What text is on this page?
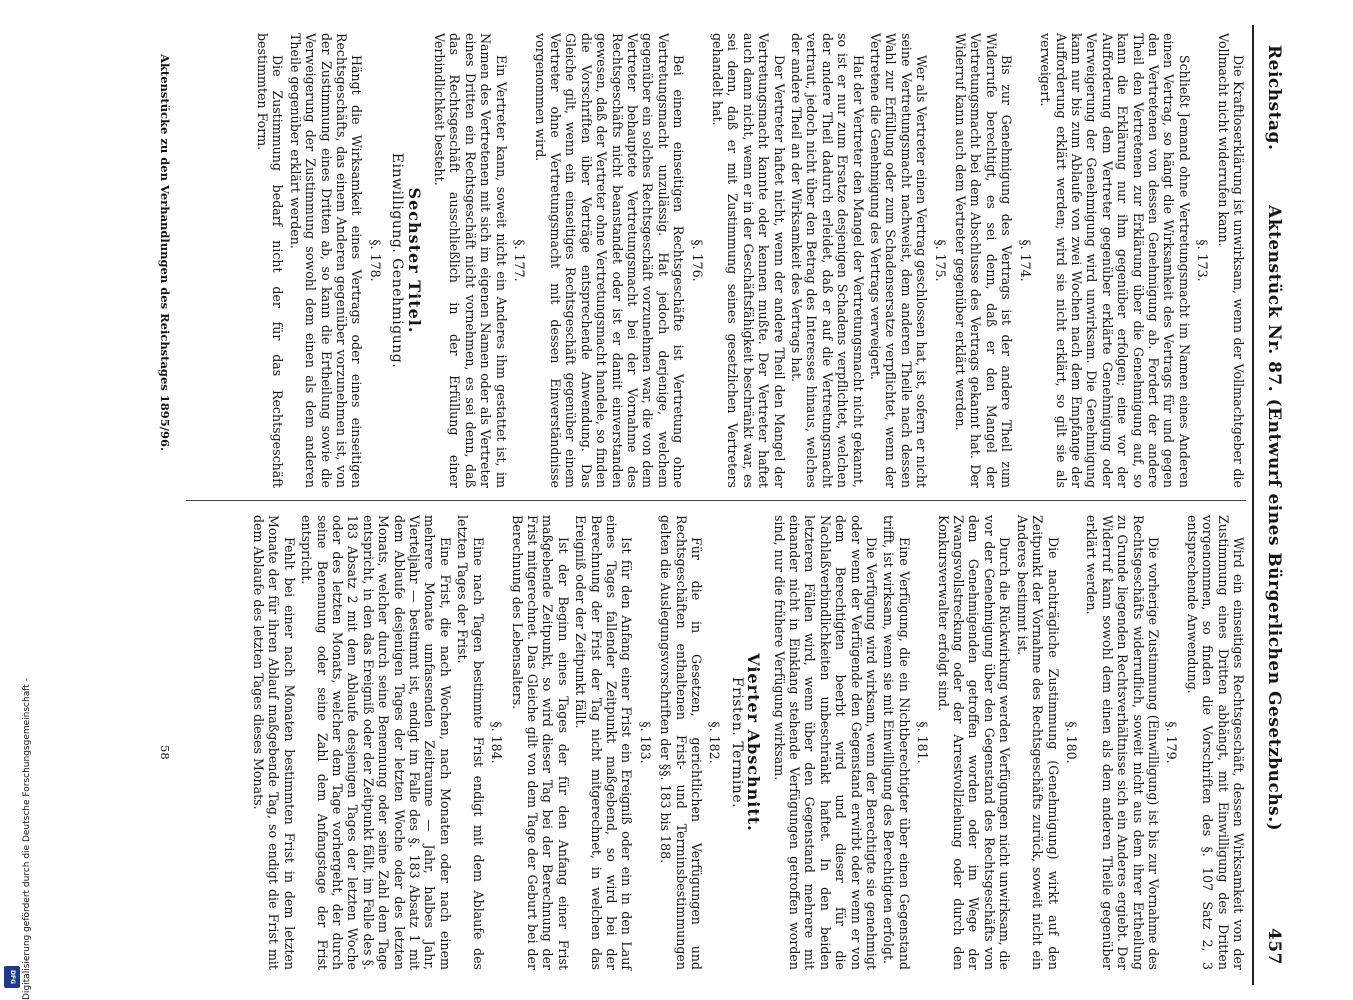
Digitalisierung gefördert durch die Deutsche Forschungsgemeinschaft -
DFG
Reichstag.
Aktenstück Nr. 87. (Entwurf eines Bürgerlichen Gesetzbuchs.)
457
Die Kraftloserklärung ist unwirksam, wenn der Vollmachtgeber die Vollmacht nicht widerrufen kann.
§. 173.
Schließt Jemand ohne Vertretungsmacht im Namen eines Anderen einen Vertrag, so hängt die Wirksamkeit des Vertrags für und gegen den Vertretenen von dessen Genehmigung ab. Fordert der andere Theil den Vertretenen zur Erklärung über die Genehmigung auf, so kann die Erklärung nur ihm gegenüber erfolgen; eine vor der Aufforderung dem Vertreter gegenüber erklärte Genehmigung oder Verweigerung der Genehmigung wird unwirksam. Die Genehmigung kann nur bis zum Ablaufe von zwei Wochen nach dem Empfange der Aufforderung erklärt werden; wird sie nicht erklärt, so gilt sie als verweigert.
§. 174.
Bis zur Genehmigung des Vertrags ist der andere Theil zum Widerrufe berechtigt, es sei denn, daß er den Mangel der Vertretungsmacht bei dem Abschlusse des Vertrags gekannt hat. Der Widerruf kann auch dem Vertreter gegenüber erklärt werden.
§. 175.
Wer als Vertreter einen Vertrag geschlossen hat, ist, sofern er nicht seine Vertretungsmacht nachweist, dem anderen Theile nach dessen Wahl zur Erfüllung oder zum Schadensersatze verpflichtet, wenn der Vertretene die Genehmigung des Vertrags verweigert.
Hat der Vertreter den Mangel der Vertretungsmacht nicht gekannt, so ist er nur zum Ersatze desjenigen Schadens verpflichtet, welchen der andere Theil dadurch erleidet, daß er auf die Vertretungsmacht vertraut, jedoch nicht über den Betrag des Interesses hinaus, welches der andere Theil an der Wirksamkeit des Vertrags hat.
Der Vertreter haftet nicht, wenn der andere Theil den Mangel der Vertretungsmacht kannte oder kennen mußte. Der Vertreter haftet auch dann nicht, wenn er in der Geschäftsfähigkeit beschränkt war, es sei denn, daß er mit Zustimmung seines gesetzlichen Vertreters gehandelt hat.
§. 176.
Bei einem einseitigen Rechtsgeschäfte ist Vertretung ohne Vertretungsmacht unzulässig. Hat jedoch derjenige, welchem gegenüber ein solches Rechtsgeschäft vorzunehmen war, die von dem Vertreter behauptete Vertretungsmacht bei der Vornahme des Rechtsgeschäfts nicht beanstandet oder ist er damit einverstanden gewesen, daß der Vertreter ohne Vertretungsmacht handele, so finden die Vorschriften über Verträge entsprechende Anwendung. Das Gleiche gilt, wenn ein einseitiges Rechtsgeschäft gegenüber einem Vertreter ohne Vertretungsmacht mit dessen Einverständnisse vorgenommen wird.
§. 177.
Ein Vertreter kann, soweit nicht ein Anderes ihm gestattet ist, im Namen des Vertretenen mit sich im eigenen Namen oder als Vertreter eines Dritten ein Rechtsgeschäft nicht vornehmen, es sei denn, daß das Rechtsgeschäft ausschließlich in der Erfüllung einer Verbindlichkeit besteht.
Sechster Titel.
Einwilligung. Genehmigung.
§. 178.
Hängt die Wirksamkeit eines Vertrags oder eines einseitigen Rechtsgeschäfts, das einem Anderen gegenüber vorzunehmen ist, von der Zustimmung eines Dritten ab, so kann die Ertheilung sowie die Verweigerung der Zustimmung sowohl dem einen als dem anderen Theile gegenüber erklärt werden.
Die Zustimmung bedarf nicht der für das Rechtsgeschäft bestimmten Form.
Wird ein einseitiges Rechtsgeschäft, dessen Wirksamkeit von der Zustimmung eines Dritten abhängt, mit Einwilligung des Dritten vorgenommen, so finden die Vorschriften des §. 107 Satz 2, 3 entsprechende Anwendung.
§. 179.
Die vorherige Zustimmung (Einwilligung) ist bis zur Vornahme des Rechtsgeschäfts widerruflich, soweit nicht aus dem ihrer Ertheilung zu Grunde liegenden Rechtsverhältnisse sich ein Anderes ergiebt. Der Widerruf kann sowohl dem einen als dem anderen Theile gegenüber erklärt werden.
§. 180.
Die nachträgliche Zustimmung (Genehmigung) wirkt auf den Zeitpunkt der Vornahme des Rechtsgeschäfts zurück, soweit nicht ein Anderes bestimmt ist.
Durch die Rückwirkung werden Verfügungen nicht unwirksam, die vor der Genehmigung über den Gegenstand des Rechtsgeschäfts von dem Genehmigenden getroffen worden oder im Wege der Zwangsvollstreckung oder der Arrestvollziehung oder durch den Konkursverwalter erfolgt sind.
§. 181.
Eine Verfügung, die ein Nichtberechtigter über einen Gegenstand trifft, ist wirksam, wenn sie mit Einwilligung des Berechtigten erfolgt.
Die Verfügung wird wirksam, wenn der Berechtigte sie genehmigt oder wenn der Verfügende den Gegenstand erwirbt oder wenn er von dem Berechtigten beerbt wird und dieser für die Nachlaßverbindlichkeiten unbeschränkt haftet. In den beiden letzteren Fällen wird, wenn über den Gegenstand mehrere mit einander nicht in Einklang stehende Verfügungen getroffen worden sind, nur die frühere Verfügung wirksam.
Vierter Abschnitt.
Fristen. Termine.
§. 182.
Für die in Gesetzen, gerichtlichen Verfügungen und Rechtsgeschäften enthaltenen Frist- und Terminsbestimmungen gelten die Auslegungsvorschriften der §§. 183 bis 188.
§. 183.
Ist für den Anfang einer Frist ein Ereigniß oder ein in den Lauf eines Tages fallender Zeitpunkt maßgebend, so wird bei der Berechnung der Frist der Tag nicht mitgerechnet, in welchen das Ereigniß oder der Zeitpunkt fällt.
Ist der Beginn eines Tages der für den Anfang einer Frist maßgebende Zeitpunkt, so wird dieser Tag bei der Berechnung der Frist mitgerechnet. Das Gleiche gilt von dem Tage der Geburt bei der Berechnung des Lebensalters.
§. 184.
Eine nach Tagen bestimmte Frist endigt mit dem Ablaufe des letzten Tages der Frist.
Eine Frist, die nach Wochen, nach Monaten oder nach einem mehrere Monate umfassenden Zeitraume — Jahr, halbes Jahr, Vierteljahr — bestimmt ist, endigt im Falle des §. 183 Absatz 1 mit dem Ablaufe desjenigen Tages der letzten Woche oder des letzten Monats, welcher durch seine Benennung oder seine Zahl dem Tage entspricht, in den das Ereigniß oder der Zeitpunkt fällt, im Falle des §. 183 Absatz 2 mit dem Ablaufe desjenigen Tages der letzten Woche oder des letzten Monats, welcher dem Tage vorhergeht, der durch seine Benennung oder seine Zahl dem Anfangstage der Frist entspricht.
Fehlt bei einer nach Monaten bestimmten Frist in dem letzten Monate der für ihren Ablauf maßgebende Tag, so endigt die Frist mit dem Ablaufe des letzten Tages dieses Monats.
Aktenstücke zu den Verhandlungen des Reichstages 1895/96.
58
